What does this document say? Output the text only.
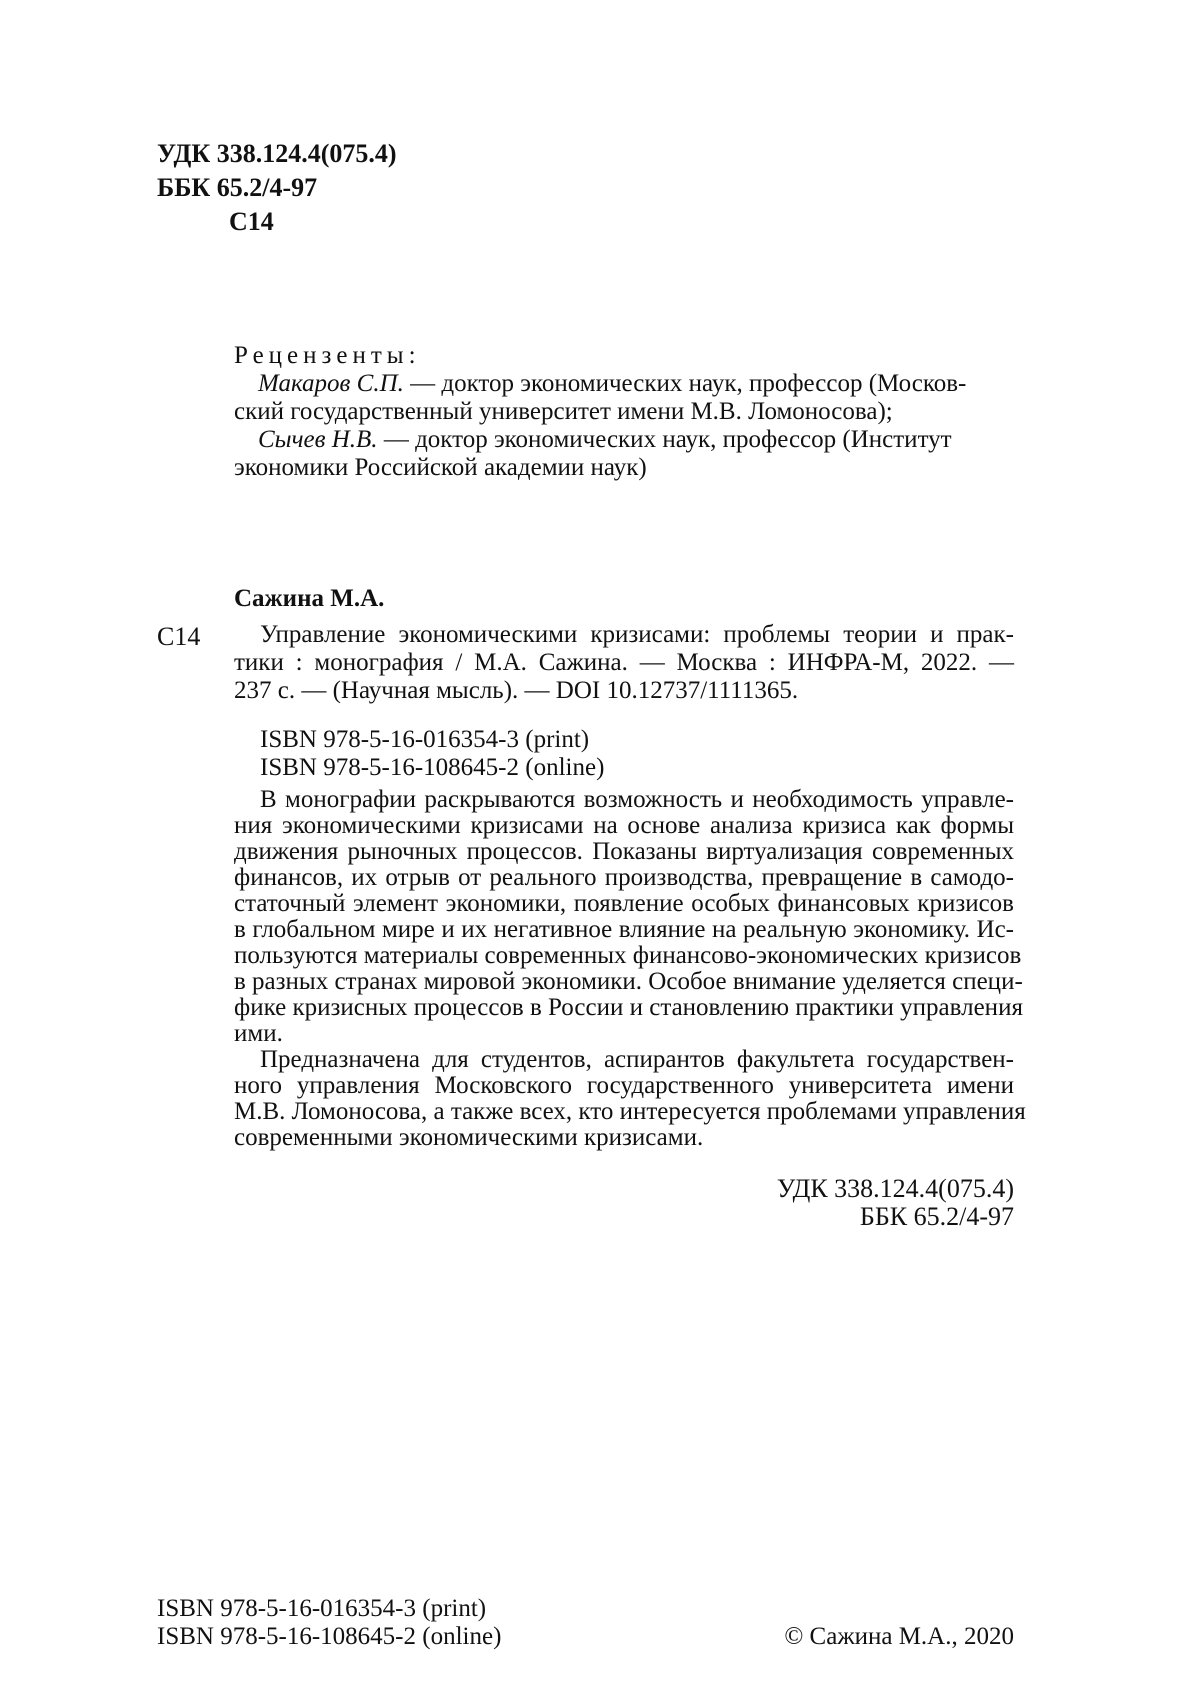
УДК 338.124.4(075.4)
ББК 65.2/4-97
С14
Рецензенты:
Макаров С.П. — доктор экономических наук, профессор (Москов-
ский государственный университет имени М.В. Ломоносова);
Сычев Н.В. — доктор экономических наук, профессор (Институт
экономики Российской академии наук)
Сажина М.А.
С14	Управление экономическими кризисами: проблемы теории и прак-
тики : монография / М.А. Сажина. — Москва : ИНФРА-М, 2022. —
237 с. — (Научная мысль). — DOI 10.12737/1111365.
ISBN 978-5-16-016354-3 (print)
ISBN 978-5-16-108645-2 (online)
В монографии раскрываются возможность и необходимость управле-
ния экономическими кризисами на основе анализа кризиса как формы
движения рыночных процессов. Показаны виртуализация современных
финансов, их отрыв от реального производства, превращение в самодо-
статочный элемент экономики, появление особых финансовых кризисов
в глобальном мире и их негативное влияние на реальную экономику. Ис-
пользуются материалы современных финансово-экономических кризисов
в разных странах мировой экономики. Особое внимание уделяется специ-
фике кризисных процессов в России и становлению практики управления
ими.
Предназначена для студентов, аспирантов факультета государствен-
ного управления Московского государственного университета имени
М.В. Ломоносова, а также всех, кто интересуется проблемами управления
современными экономическими кризисами.
УДК 338.124.4(075.4)
ББК 65.2/4-97
ISBN 978-5-16-016354-3 (print)
ISBN 978-5-16-108645-2 (online)	© Сажина М.А., 2020
